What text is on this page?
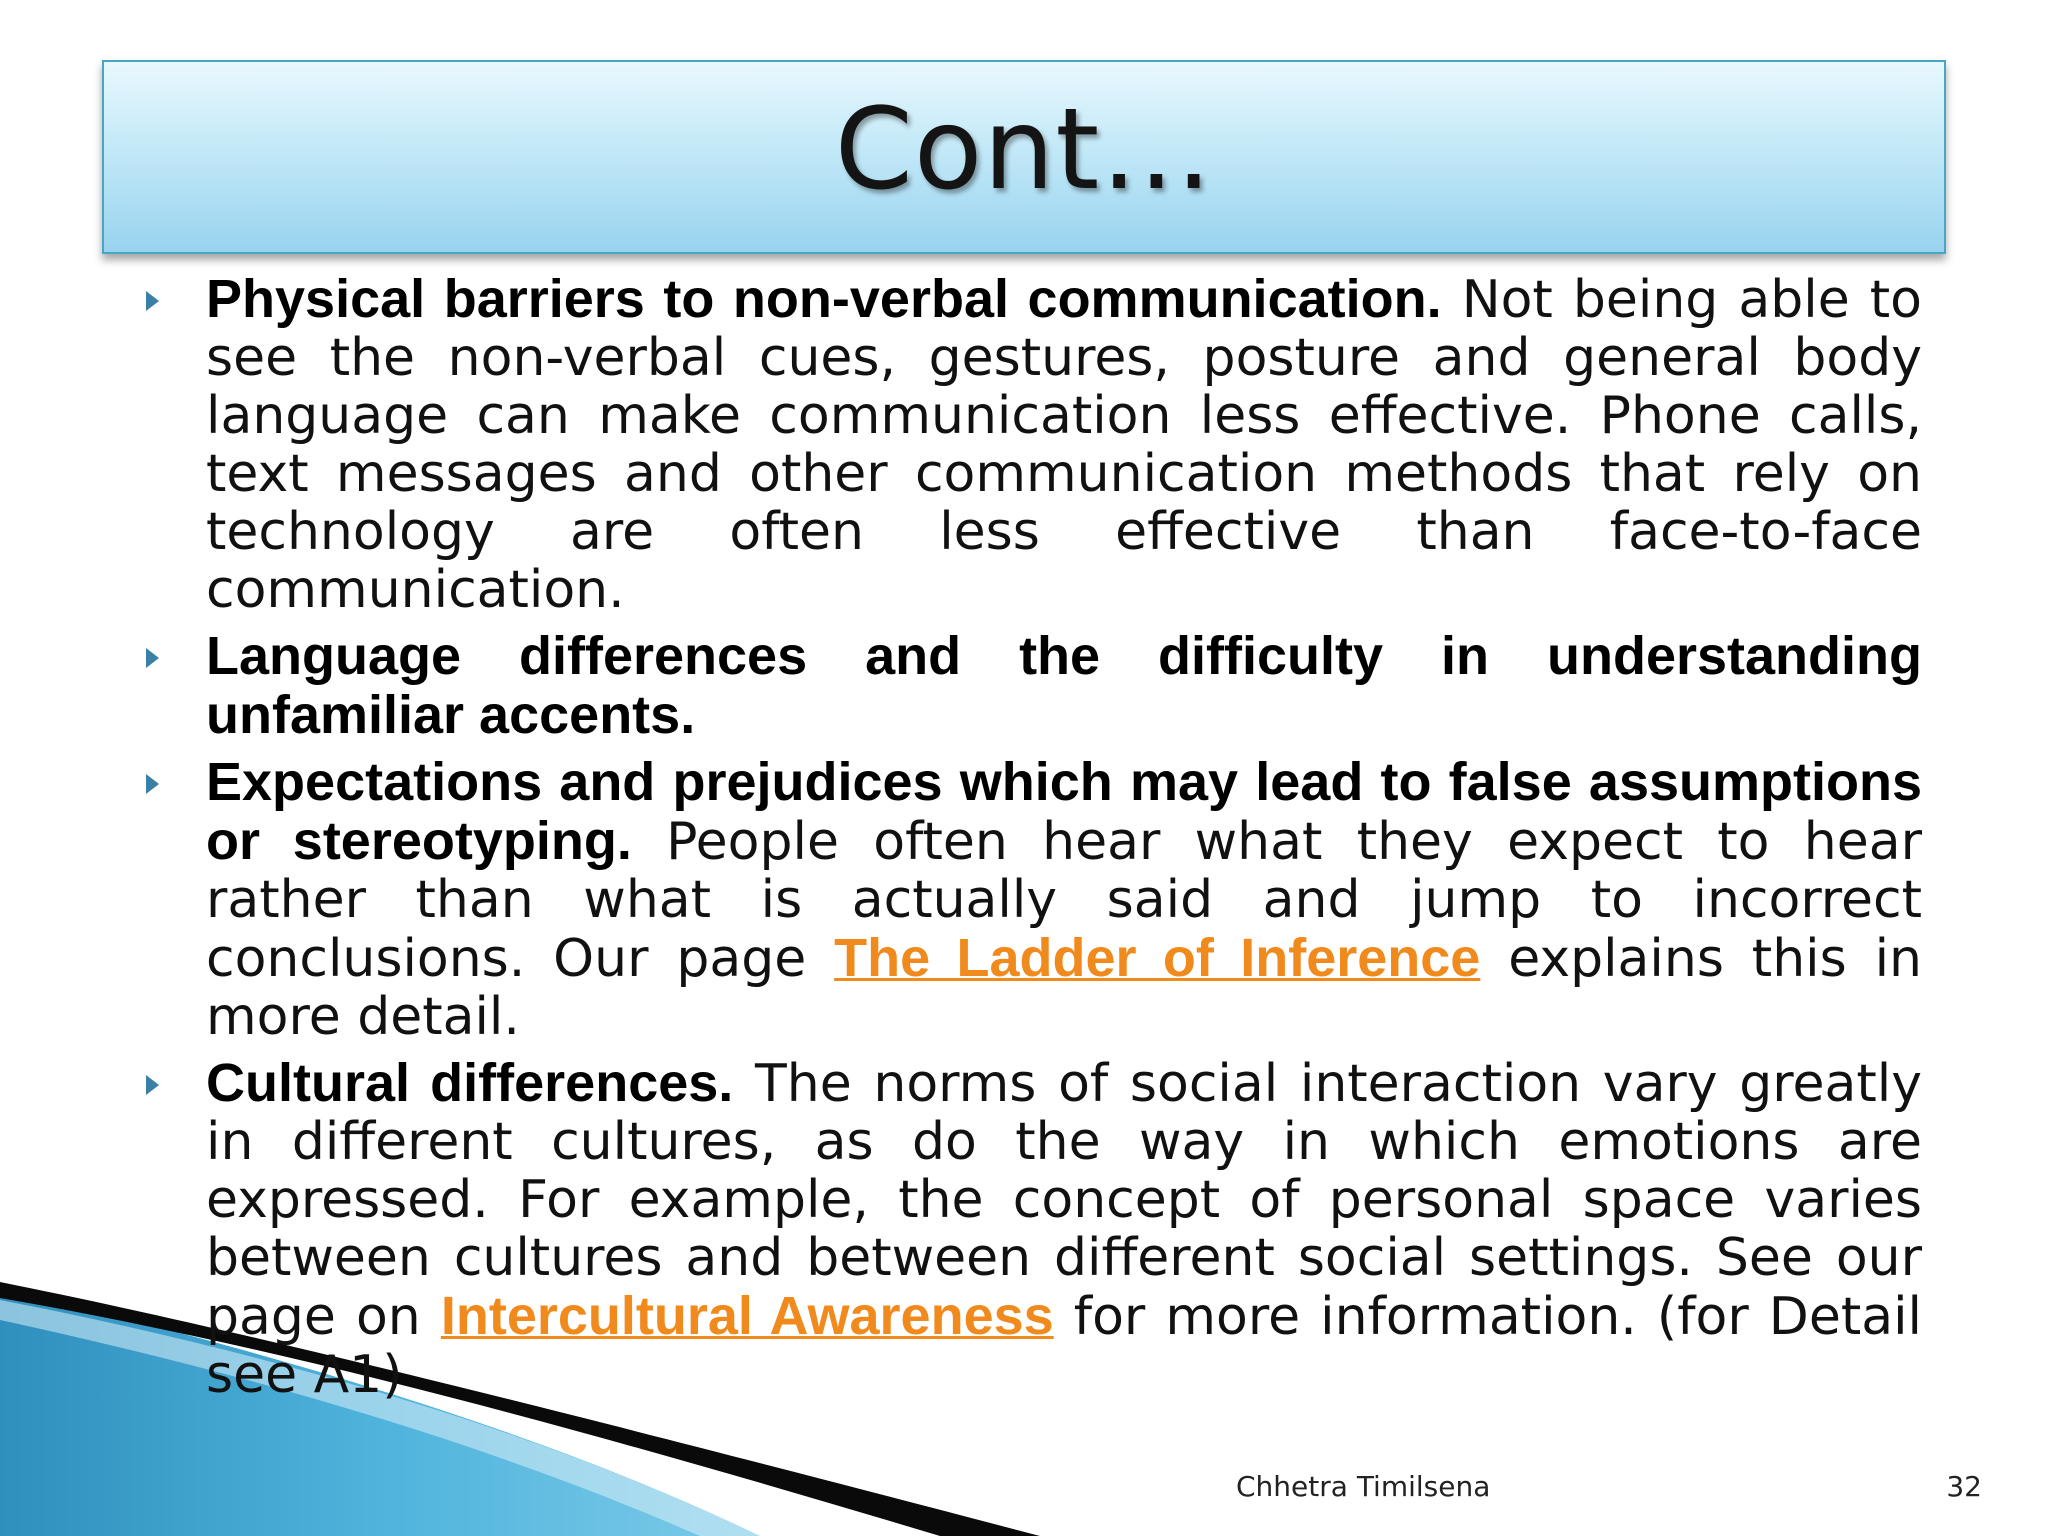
Cont…
Physical barriers to non-verbal communication. Not being able to see the non-verbal cues, gestures, posture and general body language can make communication less effective. Phone calls, text messages and other communication methods that rely on technology are often less effective than face-to-face communication.
Language differences and the difficulty in understanding unfamiliar accents.
Expectations and prejudices which may lead to false assumptions or stereotyping. People often hear what they expect to hear rather than what is actually said and jump to incorrect conclusions. Our page The Ladder of Inference explains this in more detail.
Cultural differences. The norms of social interaction vary greatly in different cultures, as do the way in which emotions are expressed. For example, the concept of personal space varies between cultures and between different social settings. See our page on Intercultural Awareness for more information. (for Detail see A1)
Chhetra Timilsena	32
